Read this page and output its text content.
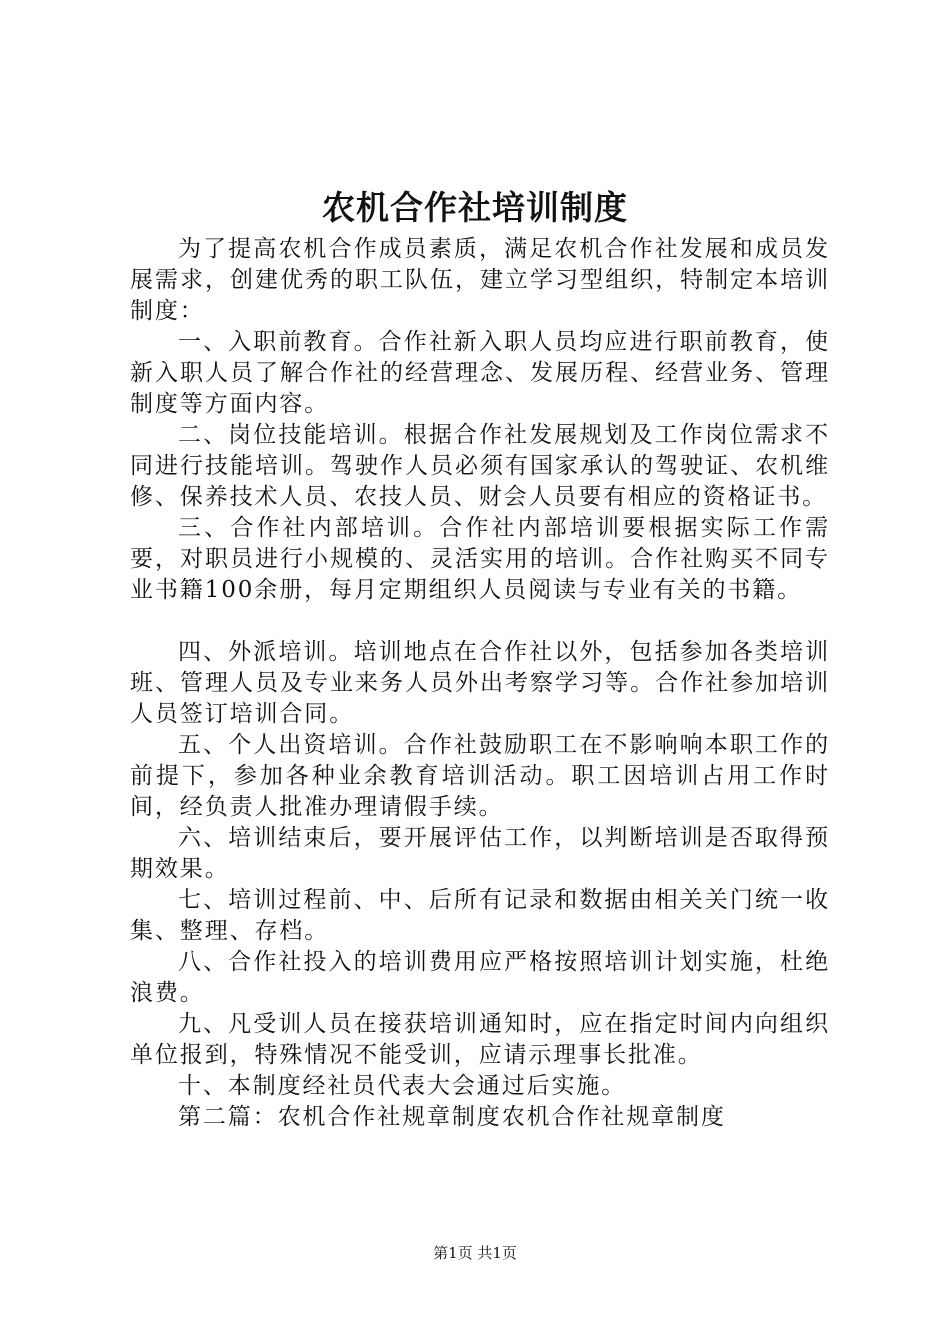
农机合作社培训制度

为了提高农机合作成员素质，满足农机合作社发展和成员发展需求，创建优秀的职工队伍，建立学习型组织，特制定本培训制度：

一、入职前教育。合作社新入职人员均应进行职前教育，使新入职人员了解合作社的经营理念、发展历程、经营业务、管理制度等方面内容。

二、岗位技能培训。根据合作社发展规划及工作岗位需求不同进行技能培训。驾驶作人员必须有国家承认的驾驶证、农机维修、保养技术人员、农技人员、财会人员要有相应的资格证书。

三、合作社内部培训。合作社内部培训要根据实际工作需要，对职员进行小规模的、灵活实用的培训。合作社购买不同专业书籍100余册，每月定期组织人员阅读与专业有关的书籍。

四、外派培训。培训地点在合作社以外，包括参加各类培训班、管理人员及专业来务人员外出考察学习等。合作社参加培训人员签订培训合同。

五、个人出资培训。合作社鼓励职工在不影响响本职工作的前提下，参加各种业余教育培训活动。职工因培训占用工作时间，经负责人批准办理请假手续。

六、培训结束后，要开展评估工作，以判断培训是否取得预期效果。

七、培训过程前、中、后所有记录和数据由相关关门统一收集、整理、存档。

八、合作社投入的培训费用应严格按照培训计划实施，杜绝浪费。

九、凡受训人员在接获培训通知时，应在指定时间内向组织单位报到，特殊情况不能受训，应请示理事长批准。

十、本制度经社员代表大会通过后实施。

第二篇：农机合作社规章制度农机合作社规章制度

第1页 共1页
